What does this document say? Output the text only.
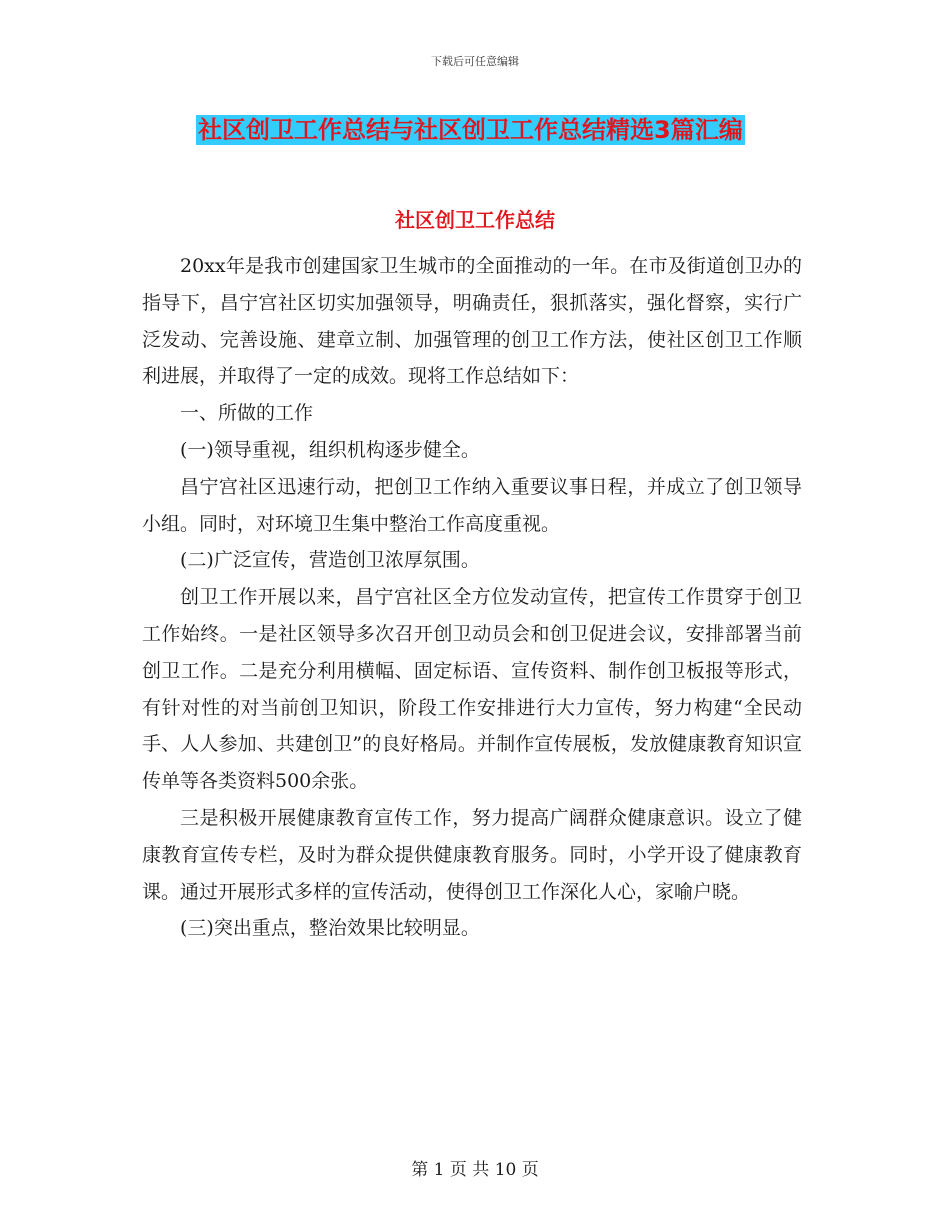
下载后可任意编辑
社区创卫工作总结与社区创卫工作总结精选3篇汇编
社区创卫工作总结

20xx年是我市创建国家卫生城市的全面推动的一年。在市及街道创卫办的指导下，昌宁宫社区切实加强领导，明确责任，狠抓落实，强化督察，实行广泛发动、完善设施、建章立制、加强管理的创卫工作方法，使社区创卫工作顺利进展，并取得了一定的成效。现将工作总结如下：

一、所做的工作

(一)领导重视，组织机构逐步健全。

昌宁宫社区迅速行动，把创卫工作纳入重要议事日程，并成立了创卫领导小组。同时，对环境卫生集中整治工作高度重视。

(二)广泛宣传，营造创卫浓厚氛围。

创卫工作开展以来，昌宁宫社区全方位发动宣传，把宣传工作贯穿于创卫工作始终。一是社区领导多次召开创卫动员会和创卫促进会议，安排部署当前创卫工作。二是充分利用横幅、固定标语、宣传资料、制作创卫板报等形式，有针对性的对当前创卫知识，阶段工作安排进行大力宣传，努力构建“全民动手、人人参加、共建创卫”的良好格局。并制作宣传展板，发放健康教育知识宣传单等各类资料500余张。

三是积极开展健康教育宣传工作，努力提高广阔群众健康意识。设立了健康教育宣传专栏，及时为群众提供健康教育服务。同时，小学开设了健康教育课。通过开展形式多样的宣传活动，使得创卫工作深化人心，家喻户晓。

(三)突出重点，整治效果比较明显。

第 1 页 共 10 页
